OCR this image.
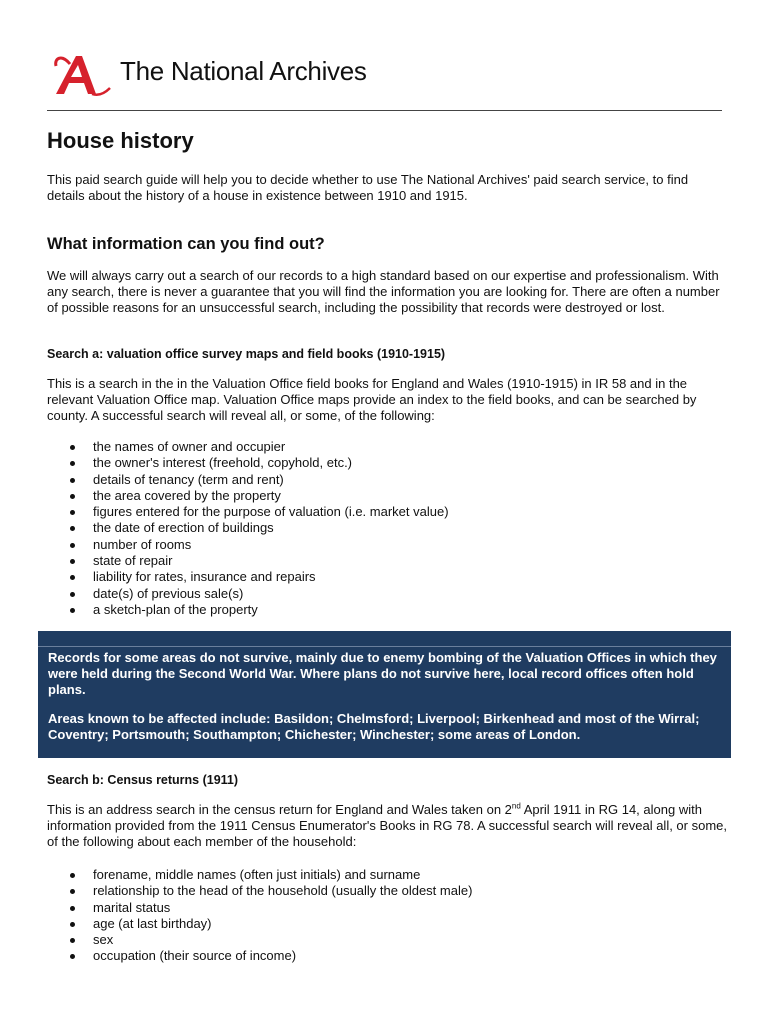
The National Archives
House history

This paid search guide will help you to decide whether to use The National Archives' paid search service, to find details about the history of a house in existence between 1910 and 1915.

What information can you find out?

We will always carry out a search of our records to a high standard based on our expertise and professionalism. With any search, there is never a guarantee that you will find the information you are looking for. There are often a number of possible reasons for an unsuccessful search, including the possibility that records were destroyed or lost.

Search a: valuation office survey maps and field books (1910-1915)

This is a search in the in the Valuation Office field books for England and Wales (1910-1915) in IR 58 and in the relevant Valuation Office map. Valuation Office maps provide an index to the field books, and can be searched by county. A successful search will reveal all, or some, of the following:

the names of owner and occupier
the owner's interest (freehold, copyhold, etc.)
details of tenancy (term and rent)
the area covered by the property
figures entered for the purpose of valuation (i.e. market value)
the date of erection of buildings
number of rooms
state of repair
liability for rates, insurance and repairs
date(s) of previous sale(s)
a sketch-plan of the property

Records for some areas do not survive, mainly due to enemy bombing of the Valuation Offices in which they were held during the Second World War. Where plans do not survive here, local record offices often hold plans.

Areas known to be affected include: Basildon; Chelmsford; Liverpool; Birkenhead and most of the Wirral; Coventry; Portsmouth; Southampton; Chichester; Winchester; some areas of London.

Search b: Census returns (1911)

This is an address search in the census return for England and Wales taken on 2nd April 1911 in RG 14, along with information provided from the 1911 Census Enumerator's Books in RG 78. A successful search will reveal all, or some, of the following about each member of the household:

forename, middle names (often just initials) and surname
relationship to the head of the household (usually the oldest male)
marital status
age (at last birthday)
sex
occupation (their source of income)
